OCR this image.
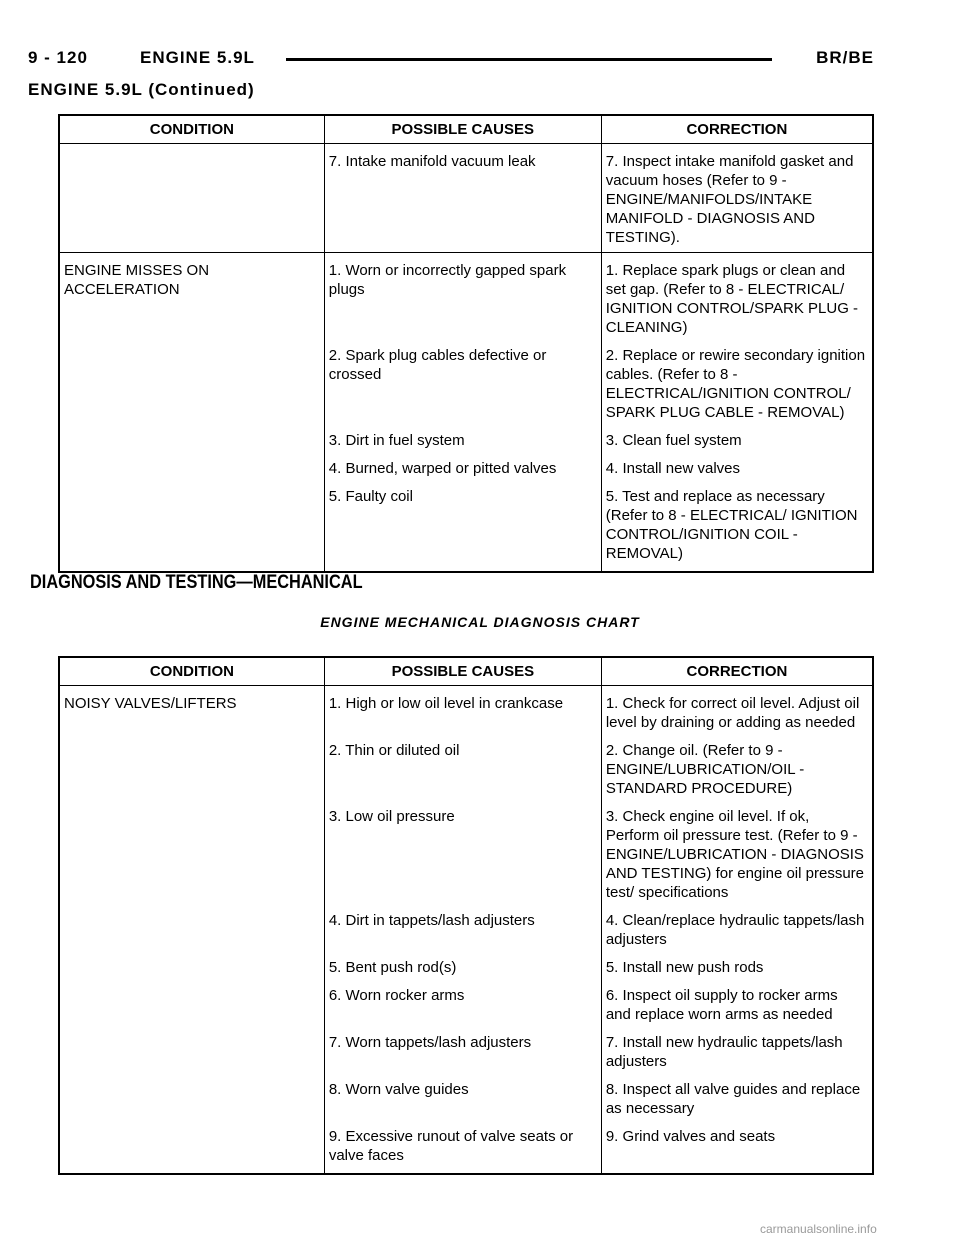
9 - 120	ENGINE 5.9L	BR/BE
ENGINE 5.9L (Continued)
CONDITION	POSSIBLE CAUSES	CORRECTION
	7. Intake manifold vacuum leak	7. Inspect intake manifold gasket and vacuum hoses (Refer to 9 - ENGINE/MANIFOLDS/INTAKE MANIFOLD - DIAGNOSIS AND TESTING).
ENGINE MISSES ON ACCELERATION	1. Worn or incorrectly gapped spark plugs	1. Replace spark plugs or clean and set gap. (Refer to 8 - ELECTRICAL/ IGNITION CONTROL/SPARK PLUG - CLEANING)
	2. Spark plug cables defective or crossed	2. Replace or rewire secondary ignition cables. (Refer to 8 - ELECTRICAL/IGNITION CONTROL/ SPARK PLUG CABLE - REMOVAL)
	3. Dirt in fuel system	3. Clean fuel system
	4. Burned, warped or pitted valves	4. Install new valves
	5. Faulty coil	5. Test and replace as necessary (Refer to 8 - ELECTRICAL/ IGNITION CONTROL/IGNITION COIL - REMOVAL)
DIAGNOSIS AND TESTING—MECHANICAL
ENGINE MECHANICAL DIAGNOSIS CHART
CONDITION	POSSIBLE CAUSES	CORRECTION
NOISY VALVES/LIFTERS	1. High or low oil level in crankcase	1. Check for correct oil level. Adjust oil level by draining or adding as needed
	2. Thin or diluted oil	2. Change oil. (Refer to 9 - ENGINE/LUBRICATION/OIL - STANDARD PROCEDURE)
	3. Low oil pressure	3. Check engine oil level. If ok, Perform oil pressure test. (Refer to 9 - ENGINE/LUBRICATION - DIAGNOSIS AND TESTING) for engine oil pressure test/ specifications
	4. Dirt in tappets/lash adjusters	4. Clean/replace hydraulic tappets/lash adjusters
	5. Bent push rod(s)	5. Install new push rods
	6. Worn rocker arms	6. Inspect oil supply to rocker arms and replace worn arms as needed
	7. Worn tappets/lash adjusters	7. Install new hydraulic tappets/lash adjusters
	8. Worn valve guides	8. Inspect all valve guides and replace as necessary
	9. Excessive runout of valve seats or valve faces	9. Grind valves and seats
carmanualsonline.info
